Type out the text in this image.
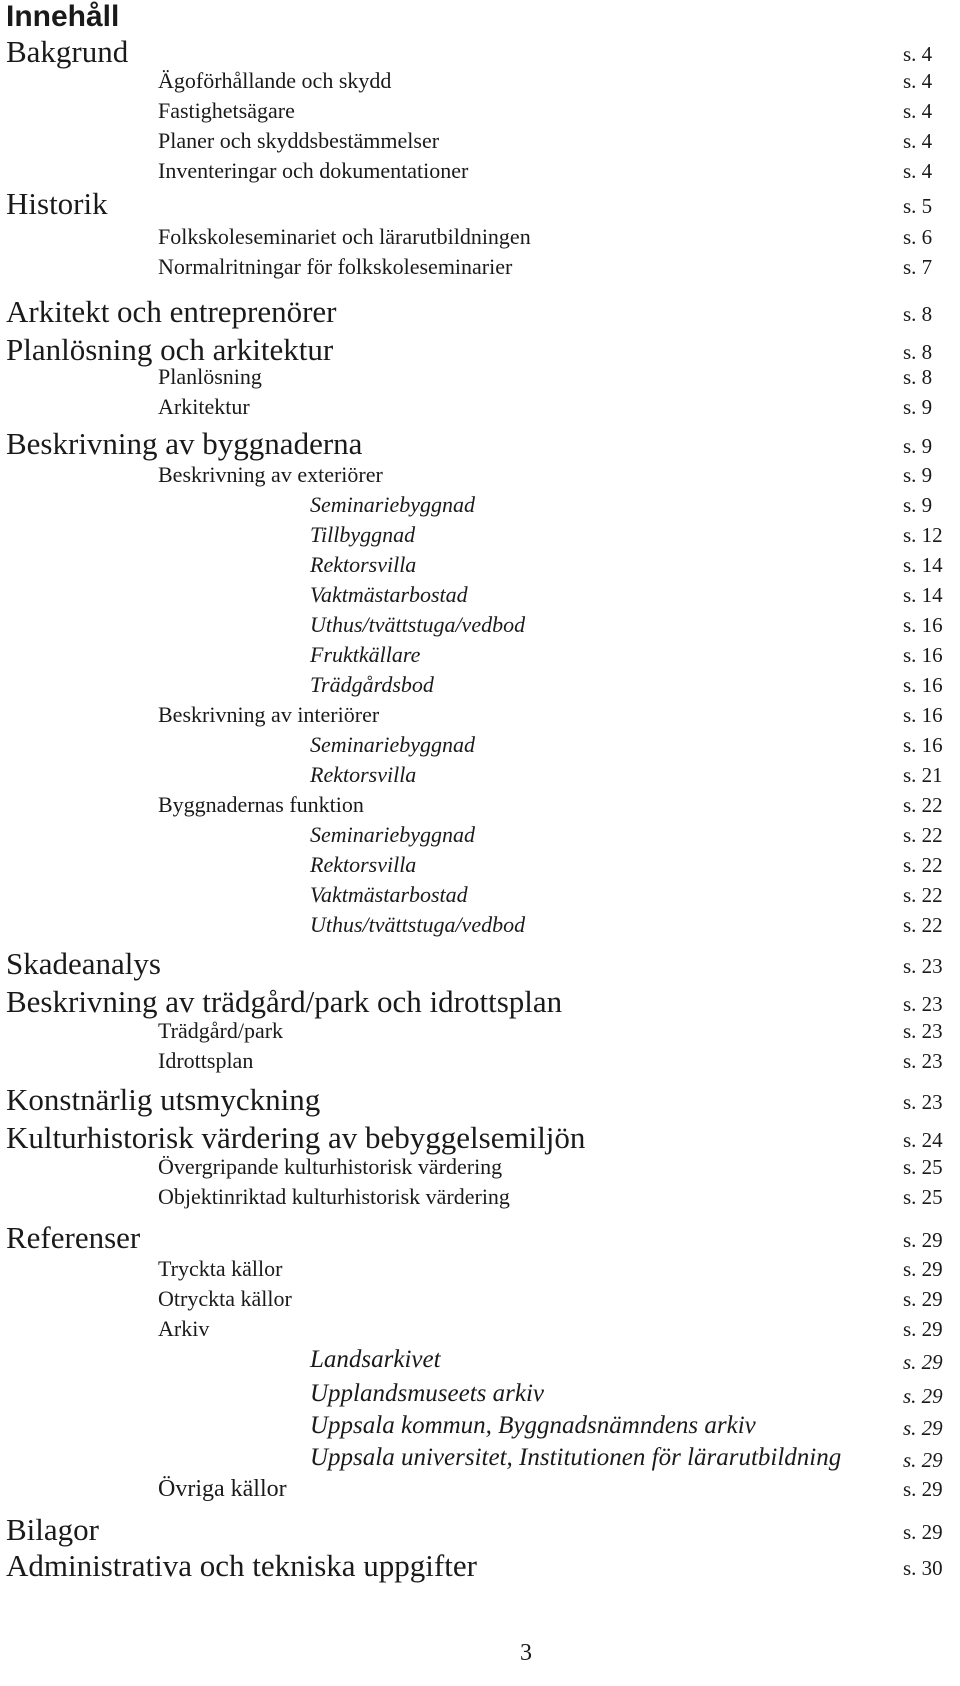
Innehåll
Bakgrund	s. 4
Ägoförhållande och skydd	s. 4
Fastighetsägare	s. 4
Planer och skyddsbestämmelser	s. 4
Inventeringar och dokumentationer	s. 4
Historik	s. 5
Folkskoleseminariet och lärarutbildningen	s. 6
Normalritningar för folkskoleseminarier	s. 7
Arkitekt och entreprenörer	s. 8
Planlösning och arkitektur	s. 8
Planlösning	s. 8
Arkitektur	s. 9
Beskrivning av byggnaderna	s. 9
Beskrivning av exteriörer	s. 9
Seminariebyggnad	s. 9
Tillbyggnad	s. 12
Rektorsvilla	s. 14
Vaktmästarbostad	s. 14
Uthus/tvättstuga/vedbod	s. 16
Fruktkällare	s. 16
Trädgårdsbod	s. 16
Beskrivning av interiörer	s. 16
Seminariebyggnad	s. 16
Rektorsvilla	s. 21
Byggnadernas funktion	s. 22
Seminariebyggnad	s. 22
Rektorsvilla	s. 22
Vaktmästarbostad	s. 22
Uthus/tvättstuga/vedbod	s. 22
Skadeanalys	s. 23
Beskrivning av trädgård/park och idrottsplan	s. 23
Trädgård/park	s. 23
Idrottsplan	s. 23
Konstnärlig utsmyckning	s. 23
Kulturhistorisk värdering av bebyggelsemiljön	s. 24
Övergripande kulturhistorisk värdering	s. 25
Objektinriktad kulturhistorisk värdering	s. 25
Referenser	s. 29
Tryckta källor	s. 29
Otryckta källor	s. 29
Arkiv	s. 29
Landsarkivet	s. 29
Upplandsmuseets arkiv	s. 29
Uppsala kommun, Byggnadsnämndens arkiv	s. 29
Uppsala universitet, Institutionen för lärarutbildning	s. 29
Övriga källor	s. 29
Bilagor	s. 29
Administrativa och tekniska uppgifter	s. 30
3
